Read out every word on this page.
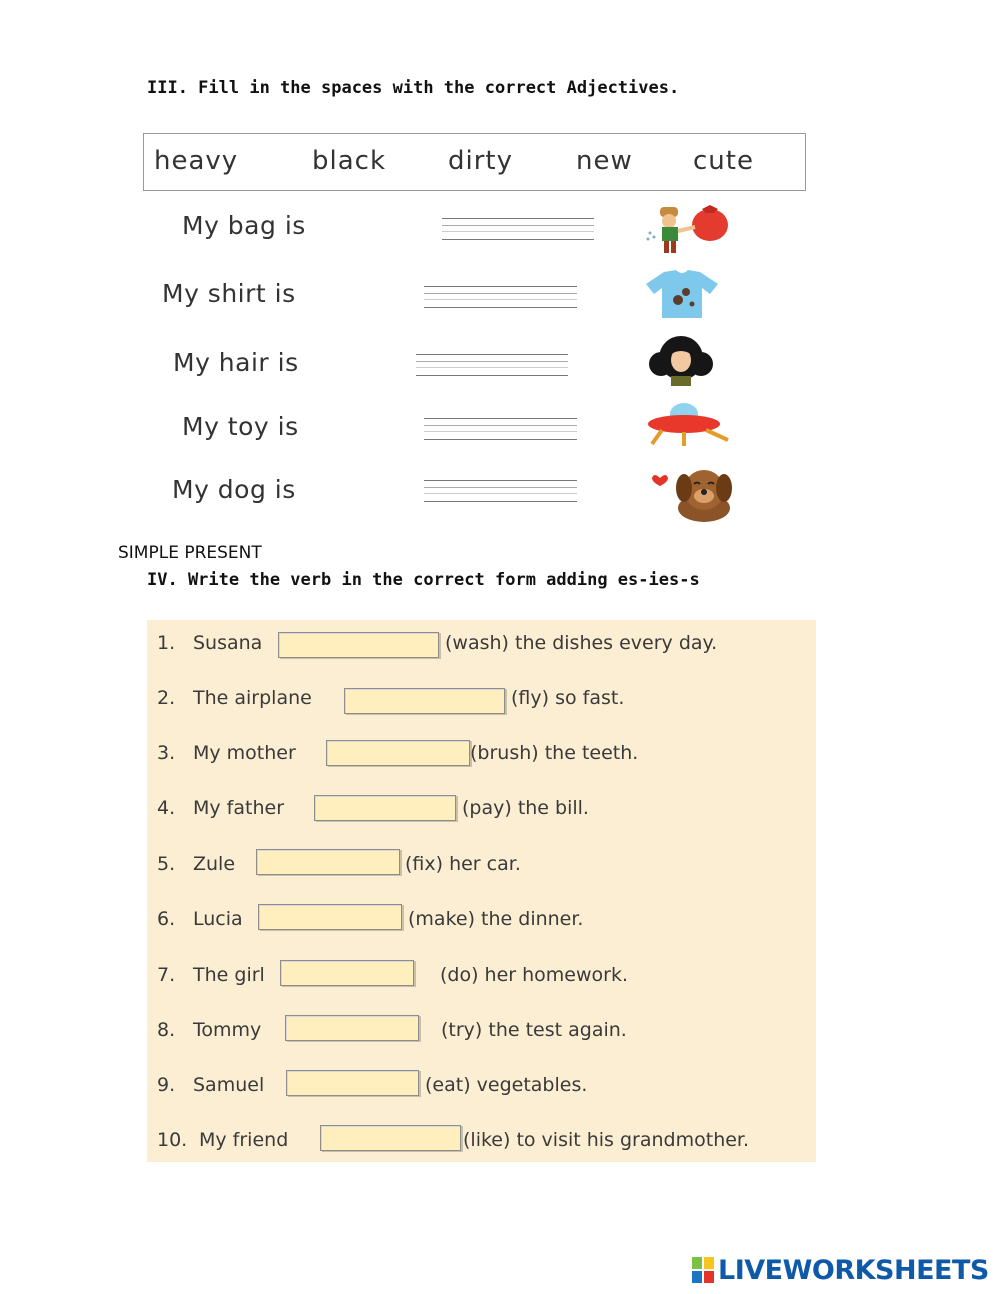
III. Fill in the spaces with the correct Adjectives.
heavy	black dirty new cute
My bag is
My shirt is
My hair is
My toy is
My dog is
SIMPLE PRESENT
IV. Write the verb in the correct form adding es-ies-s
1. Susana	(wash) the dishes every day.
2. The airplane	(fly) so fast.
3. My mother	(brush) the teeth.
4. My father	(pay) the bill.
5. Zule	(fix) her car.
6. Lucia	(make) the dinner.
7. The girl	(do) her homework.
8. Tommy	(try) the test again.
9. Samuel	(eat) vegetables.
10. My friend	(like) to visit his grandmother.
LIVEWORKSHEETS
